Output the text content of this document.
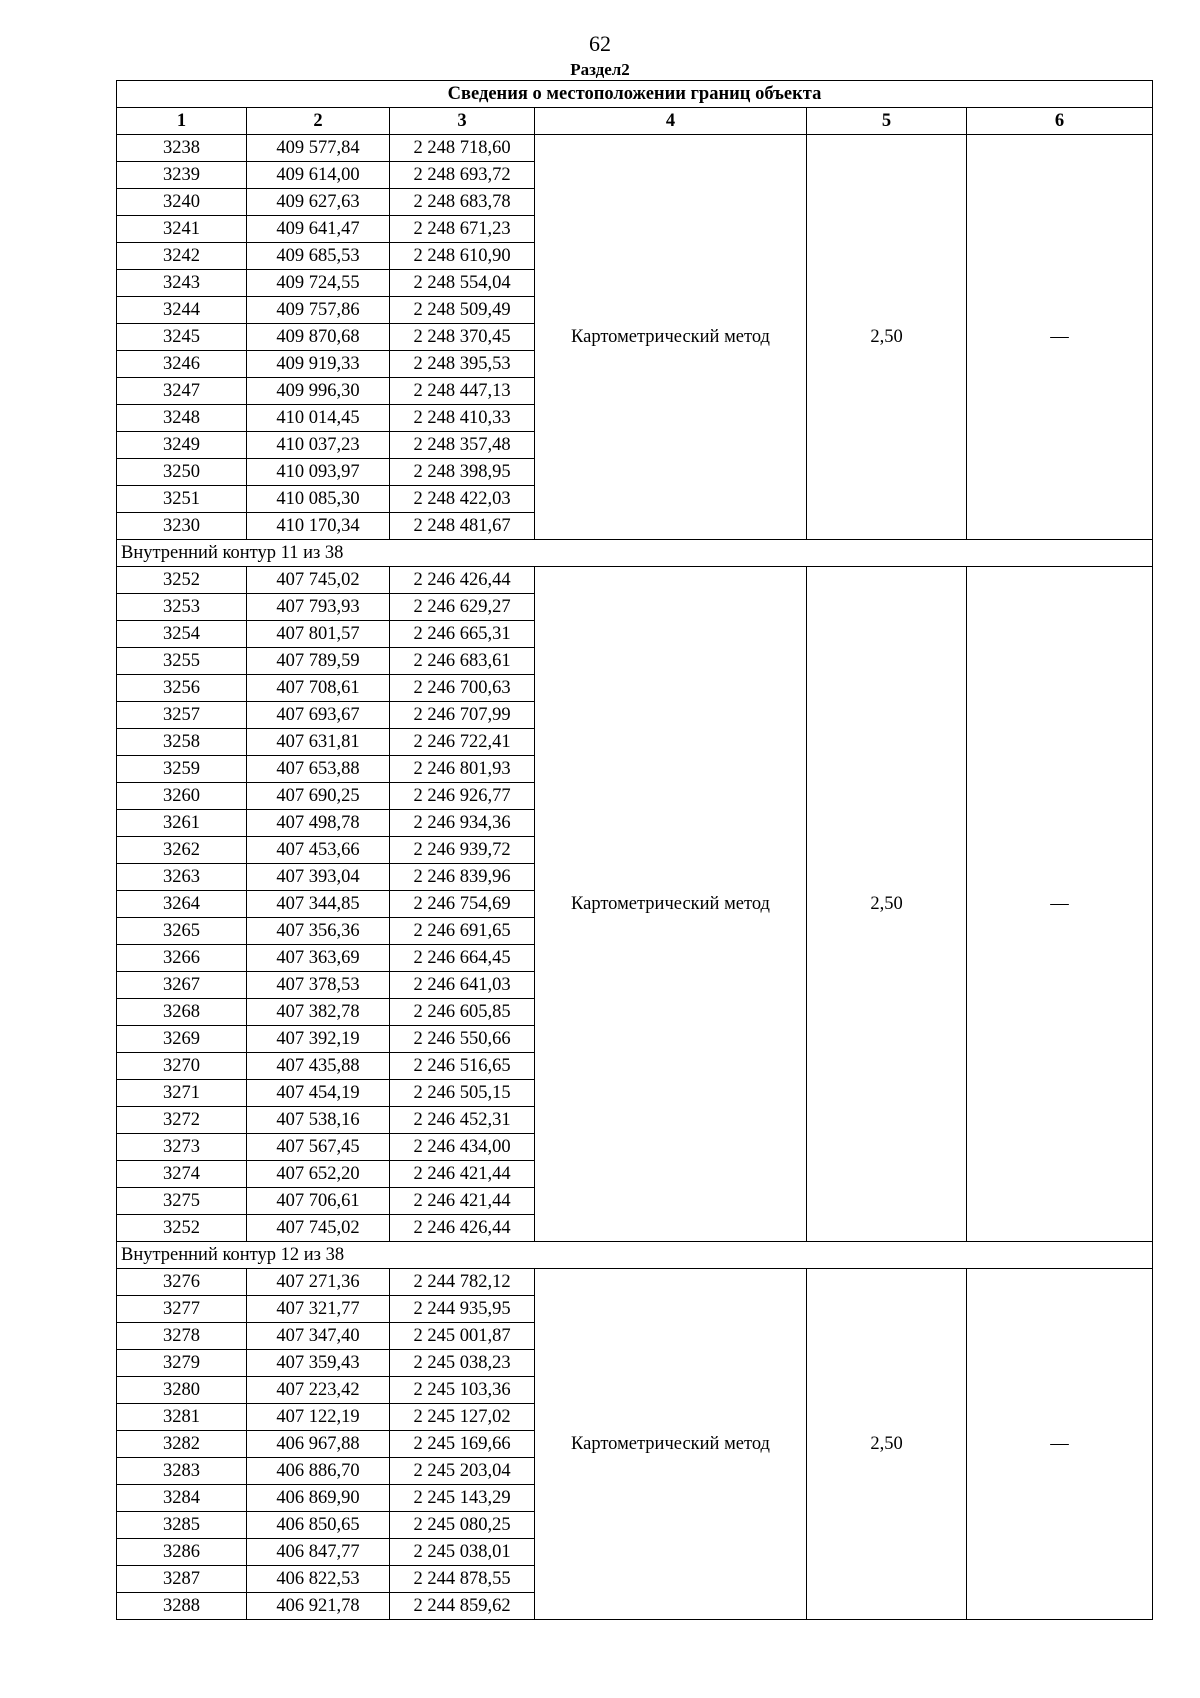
62
Раздел2
Сведения о местоположении границ объекта					
1	2	3	4	5	6
3238	409 577,84	2 248 718,60	Картометрический метод	2,50	—
3239	409 614,00	2 248 693,72			
3240	409 627,63	2 248 683,78			
3241	409 641,47	2 248 671,23			
3242	409 685,53	2 248 610,90			
3243	409 724,55	2 248 554,04			
3244	409 757,86	2 248 509,49			
3245	409 870,68	2 248 370,45			
3246	409 919,33	2 248 395,53			
3247	409 996,30	2 248 447,13			
3248	410 014,45	2 248 410,33			
3249	410 037,23	2 248 357,48			
3250	410 093,97	2 248 398,95			
3251	410 085,30	2 248 422,03			
3230	410 170,34	2 248 481,67			
Внутренний контур 11 из 38					
3252	407 745,02	2 246 426,44	Картометрический метод	2,50	—
3253	407 793,93	2 246 629,27			
3254	407 801,57	2 246 665,31			
3255	407 789,59	2 246 683,61			
3256	407 708,61	2 246 700,63			
3257	407 693,67	2 246 707,99			
3258	407 631,81	2 246 722,41			
3259	407 653,88	2 246 801,93			
3260	407 690,25	2 246 926,77			
3261	407 498,78	2 246 934,36			
3262	407 453,66	2 246 939,72			
3263	407 393,04	2 246 839,96			
3264	407 344,85	2 246 754,69			
3265	407 356,36	2 246 691,65			
3266	407 363,69	2 246 664,45			
3267	407 378,53	2 246 641,03			
3268	407 382,78	2 246 605,85			
3269	407 392,19	2 246 550,66			
3270	407 435,88	2 246 516,65			
3271	407 454,19	2 246 505,15			
3272	407 538,16	2 246 452,31			
3273	407 567,45	2 246 434,00			
3274	407 652,20	2 246 421,44			
3275	407 706,61	2 246 421,44			
3252	407 745,02	2 246 426,44			
Внутренний контур 12 из 38					
3276	407 271,36	2 244 782,12	Картометрический метод	2,50	—
3277	407 321,77	2 244 935,95			
3278	407 347,40	2 245 001,87			
3279	407 359,43	2 245 038,23			
3280	407 223,42	2 245 103,36			
3281	407 122,19	2 245 127,02			
3282	406 967,88	2 245 169,66			
3283	406 886,70	2 245 203,04			
3284	406 869,90	2 245 143,29			
3285	406 850,65	2 245 080,25			
3286	406 847,77	2 245 038,01			
3287	406 822,53	2 244 878,55			
3288	406 921,78	2 244 859,62			
